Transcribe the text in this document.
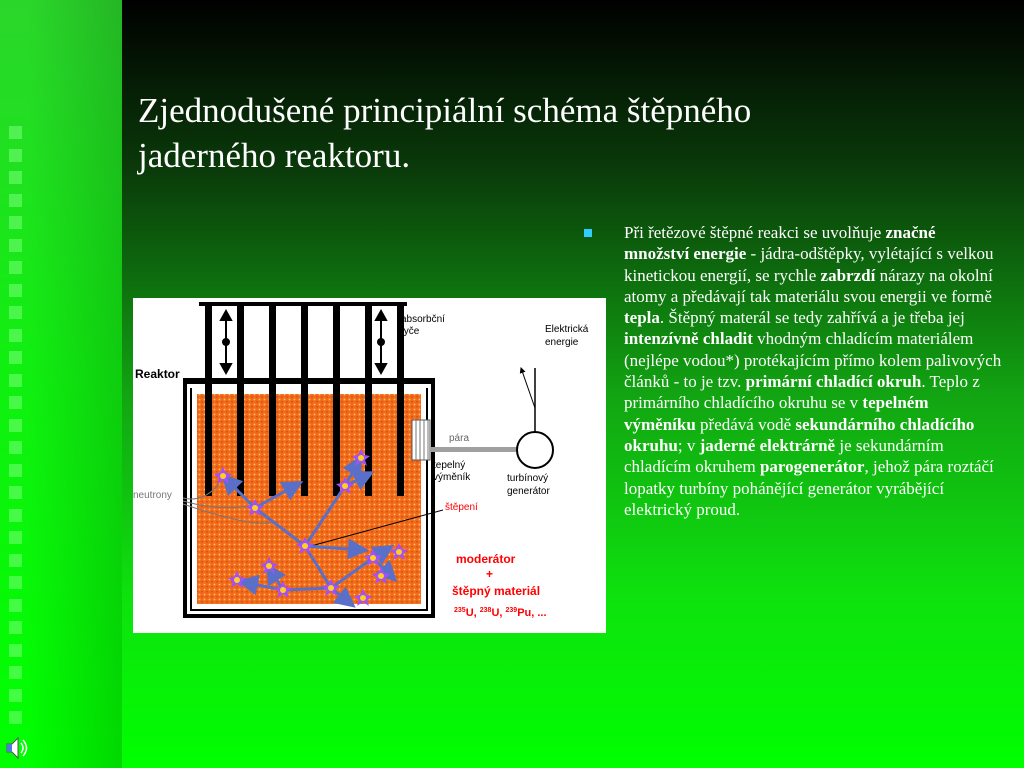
Zjednodušené principiální schéma štěpného jaderného reaktoru.
Reaktor
absorbční
tyče	Elektrická
energie
pára
tepelný
výměník	turbínový
generátor
neutrony
štěpení
moderátor
+
štěpný materiál
$^{235}$U, $^{238}$U, $^{239}$Pu, ...
Při řetězové štěpné reakci se uvolňuje značné množství energie - jádra-odštěpky, vylétající s velkou kinetickou energií, se rychle zabrzdí nárazy na okolní atomy a předávají tak materiálu svou energii ve formě tepla. Štěpný materál se tedy zahřívá a je třeba jej intenzívně chladit vhodným chladícím materiálem (nejlépe vodou*) protékajícím přímo kolem palivových článků - to je tzv. primární chladící okruh. Teplo z primárního chladícího okruhu se v tepelném výměníku předává vodě sekundárního chladícího okruhu; v jaderné elektrárně je sekundárním chladícím okruhem parogenerátor, jehož pára roztáčí lopatky turbíny pohánějící generátor vyrábějící elektrický proud.
